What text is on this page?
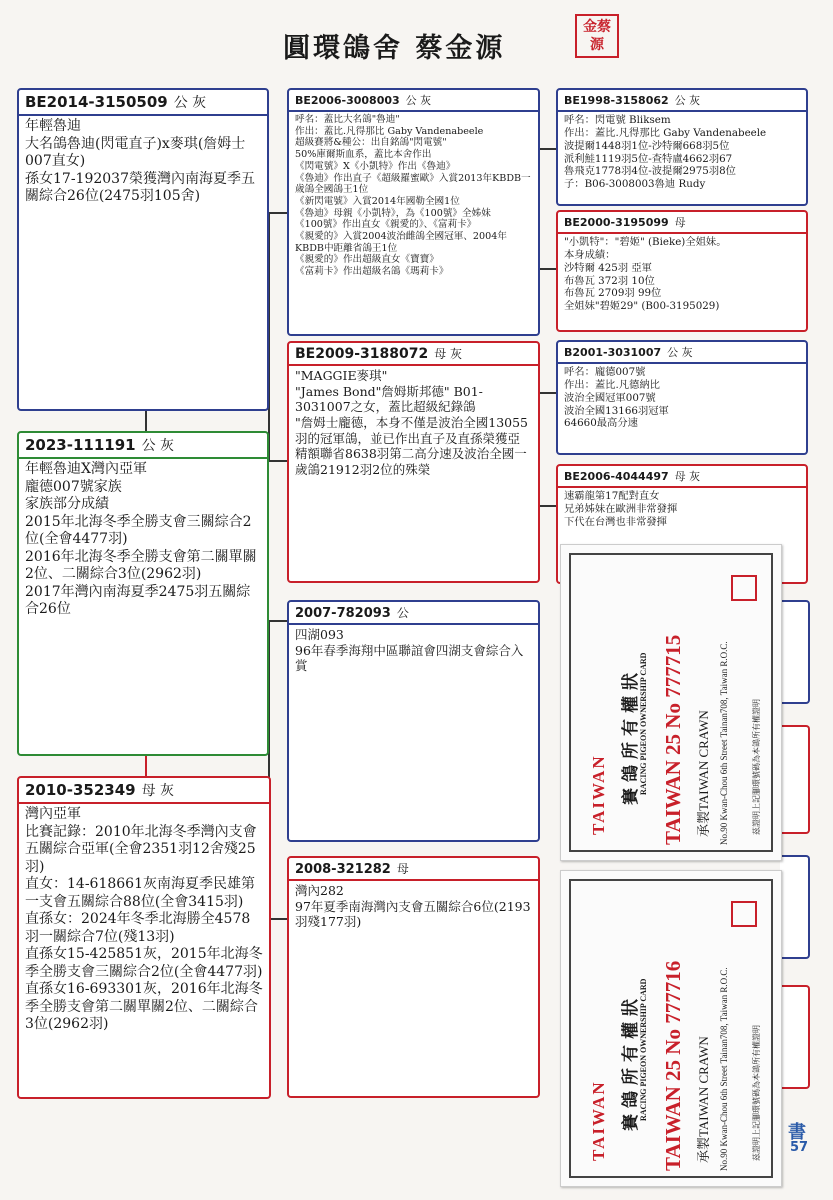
圓環鴿舍 蔡金源
金蔡源
BE2014-3150509 公 灰
年輕魯迪
大名鴿魯迪(閃電直子)x麥琪(詹姆士007直女)
孫女17-192037榮獲灣內南海夏季五關綜合26位(2475羽105舍)
2023-111191 公 灰
年輕魯迪X灣內亞軍
龐德007號家族
家族部分成績
2015年北海冬季全勝支會三關綜合2位(全會4477羽)
2016年北海冬季全勝支會第二關單關2位、二關綜合3位(2962羽)
2017年灣內南海夏季2475羽五關綜合26位
2010-352349 母 灰
灣內亞軍
比賽記錄：2010年北海冬季灣內支會五關綜合亞軍(全會2351羽12舍殘25羽)
直女：14-618661灰南海夏季民雄第一支會五關綜合88位(全會3415羽)
直孫女：2024年冬季北海勝全4578羽一關綜合7位(殘13羽)
直孫女15-425851灰，2015年北海冬季全勝支會三關綜合2位(全會4477羽)
直孫女16-693301灰，2016年北海冬季全勝支會第二關單關2位、二關綜合3位(2962羽)
BE2006-3008003 公 灰
呼名：蓋比大名鴿"魯迪"
作出：蓋比.凡得那比 Gaby Vandenabeele
超級賽將&種公：出自銘鴿"閃電號"
50%庫爾斯血系，蓋比本舍作出
《閃電號》X《小凱特》作出《魯迪》
《魯迪》作出直子《超級羅蜜歐》入賞2013年KBDB一歲鴿全國鴿王1位
《新閃電號》入賞2014年國勒全國1位
《魯迪》母親《小凱特》，為《100號》全姊妹
《100號》作出直女《親愛的》、《富莉卡》
《親愛的》入賞2004波治雌鴿全國冠軍、2004年KBDB中距離省鴿王1位
《親愛的》作出超級直女《寶寶》
《富莉卡》作出超級名鴿《瑪莉卡》
BE2009-3188072 母 灰
"MAGGIE麥琪"
"James Bond"詹姆斯邦德" B01-3031007之女，蓋比超級紀錄鴿
"詹姆士龐德，本身不僅是波治全國13055羽的冠軍鴿，並已作出直子及直孫榮獲亞精額聯省8638羽第二高分速及波治全國一歲鴿21912羽2位的殊榮
2007-782093 公
四湖093
96年春季海翔中區聯誼會四湖支會綜合入賞
2008-321282 母
灣內282
97年夏季南海灣內支會五關綜合6位(2193羽殘177羽)
BE1998-3158062 公 灰
呼名：閃電號 Bliksem
作出：蓋比.凡得那比 Gaby Vandenabeele
波提爾1448羽1位-沙特爾668羽5位
派利鮭1119羽5位-查特盧4662羽67
魯飛克1778羽4位-波提爾2975羽8位
子：B06-3008003魯迪 Rudy
BE2000-3195099 母
"小凱特"："碧姬" (Bieke)全姐妹。
本身成績：
沙特爾 425羽 亞軍
布魯瓦 372羽 10位
布魯瓦 2709羽 99位
全姐妹"碧姬29" (B00-3195029)
B2001-3031007 公 灰
呼名：龐德007號
作出：蓋比.凡德納比
波治全國冠軍007號
波治全國13166羽冠軍
64660最高分速
BE2006-4044497 母 灰
速霸龍第17配對直女
兄弟姊妹在歐洲非常發揮
下代在台灣也非常發揮
TAIWAN 賽鴿所有權狀 RACING PIGEON OWNERSHIP CARD TAIWAN 25 No 777715 承製TAIWAN CRAWN No.90 Kwan-Chou 6th Street Tainan708, Taiwan R.O.C.	茲證明上記腳環號碼為本鴿所有權證明
TAIWAN 賽鴿所有權狀 RACING PIGEON OWNERSHIP CARD TAIWAN 25 No 777716 承製TAIWAN CRAWN No.90 Kwan-Chou 6th Street Tainan708, Taiwan R.O.C.	茲證明上記腳環號碼為本鴿所有權證明 書
57
